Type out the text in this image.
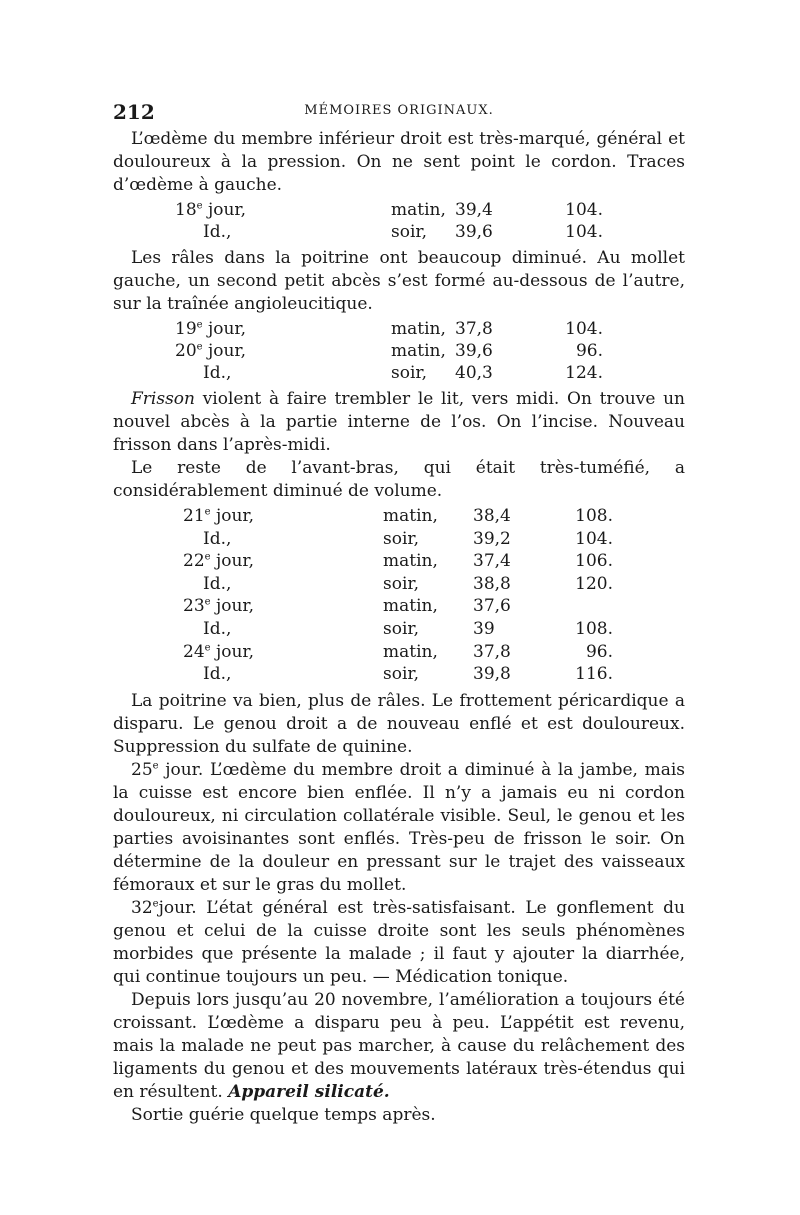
212	MÉMOIRES ORIGINAUX.

L’œdème du membre inférieur droit est très-marqué, général et douloureux à la pression. On ne sent point le cordon. Traces d’œdème à gauche.

18e jour,	matin, 39,4	104.
Id.,	soir, 39,6	104.

Les râles dans la poitrine ont beaucoup diminué. Au mollet gauche, un second petit abcès s’est formé au-dessous de l’autre, sur la traînée angioleucitique.

19e jour,	matin, 37,8	104.
20e jour,	matin, 39,6	96.
Id.,	soir, 40,3	124.

Frisson violent à faire trembler le lit, vers midi. On trouve un nouvel abcès à la partie interne de l’os. On l’incise. Nouveau frisson dans l’après-midi.

Le reste de l’avant-bras, qui était très-tuméfié, a considérablement diminué de volume.

21e jour,	matin, 38,4	108.
Id.,	soir,	39,2	104.
22e jour,	matin, 37,4	106.
Id.,	soir,	38,8	120.
23e jour,	matin, 37,6
Id.,	soir,	39	108.
24e jour,	matin, 37,8	96.
Id.,	soir,	39,8	116.

La poitrine va bien, plus de râles. Le frottement péricardique a disparu. Le genou droit a de nouveau enflé et est douloureux. Suppression du sulfate de quinine.

25e jour. L’œdème du membre droit a diminué à la jambe, mais la cuisse est encore bien enflée. Il n’y a jamais eu ni cordon douloureux, ni circulation collatérale visible. Seul, le genou et les parties avoisinantes sont enflés. Très-peu de frisson le soir. On détermine de la douleur en pressant sur le trajet des vaisseaux fémoraux et sur le gras du mollet.

32ejour. L’état général est très-satisfaisant. Le gonflement du genou et celui de la cuisse droite sont les seuls phénomènes morbides que présente la malade ; il faut y ajouter la diarrhée, qui continue toujours un peu. — Médication tonique.

Depuis lors jusqu’au 20 novembre, l’amélioration a toujours été croissant. L’œdème a disparu peu à peu. L’appétit est revenu, mais la malade ne peut pas marcher, à cause du relâchement des ligaments du genou et des mouvements latéraux très-étendus qui en résultent. Appareil silicaté.

Sortie guérie quelque temps après.
